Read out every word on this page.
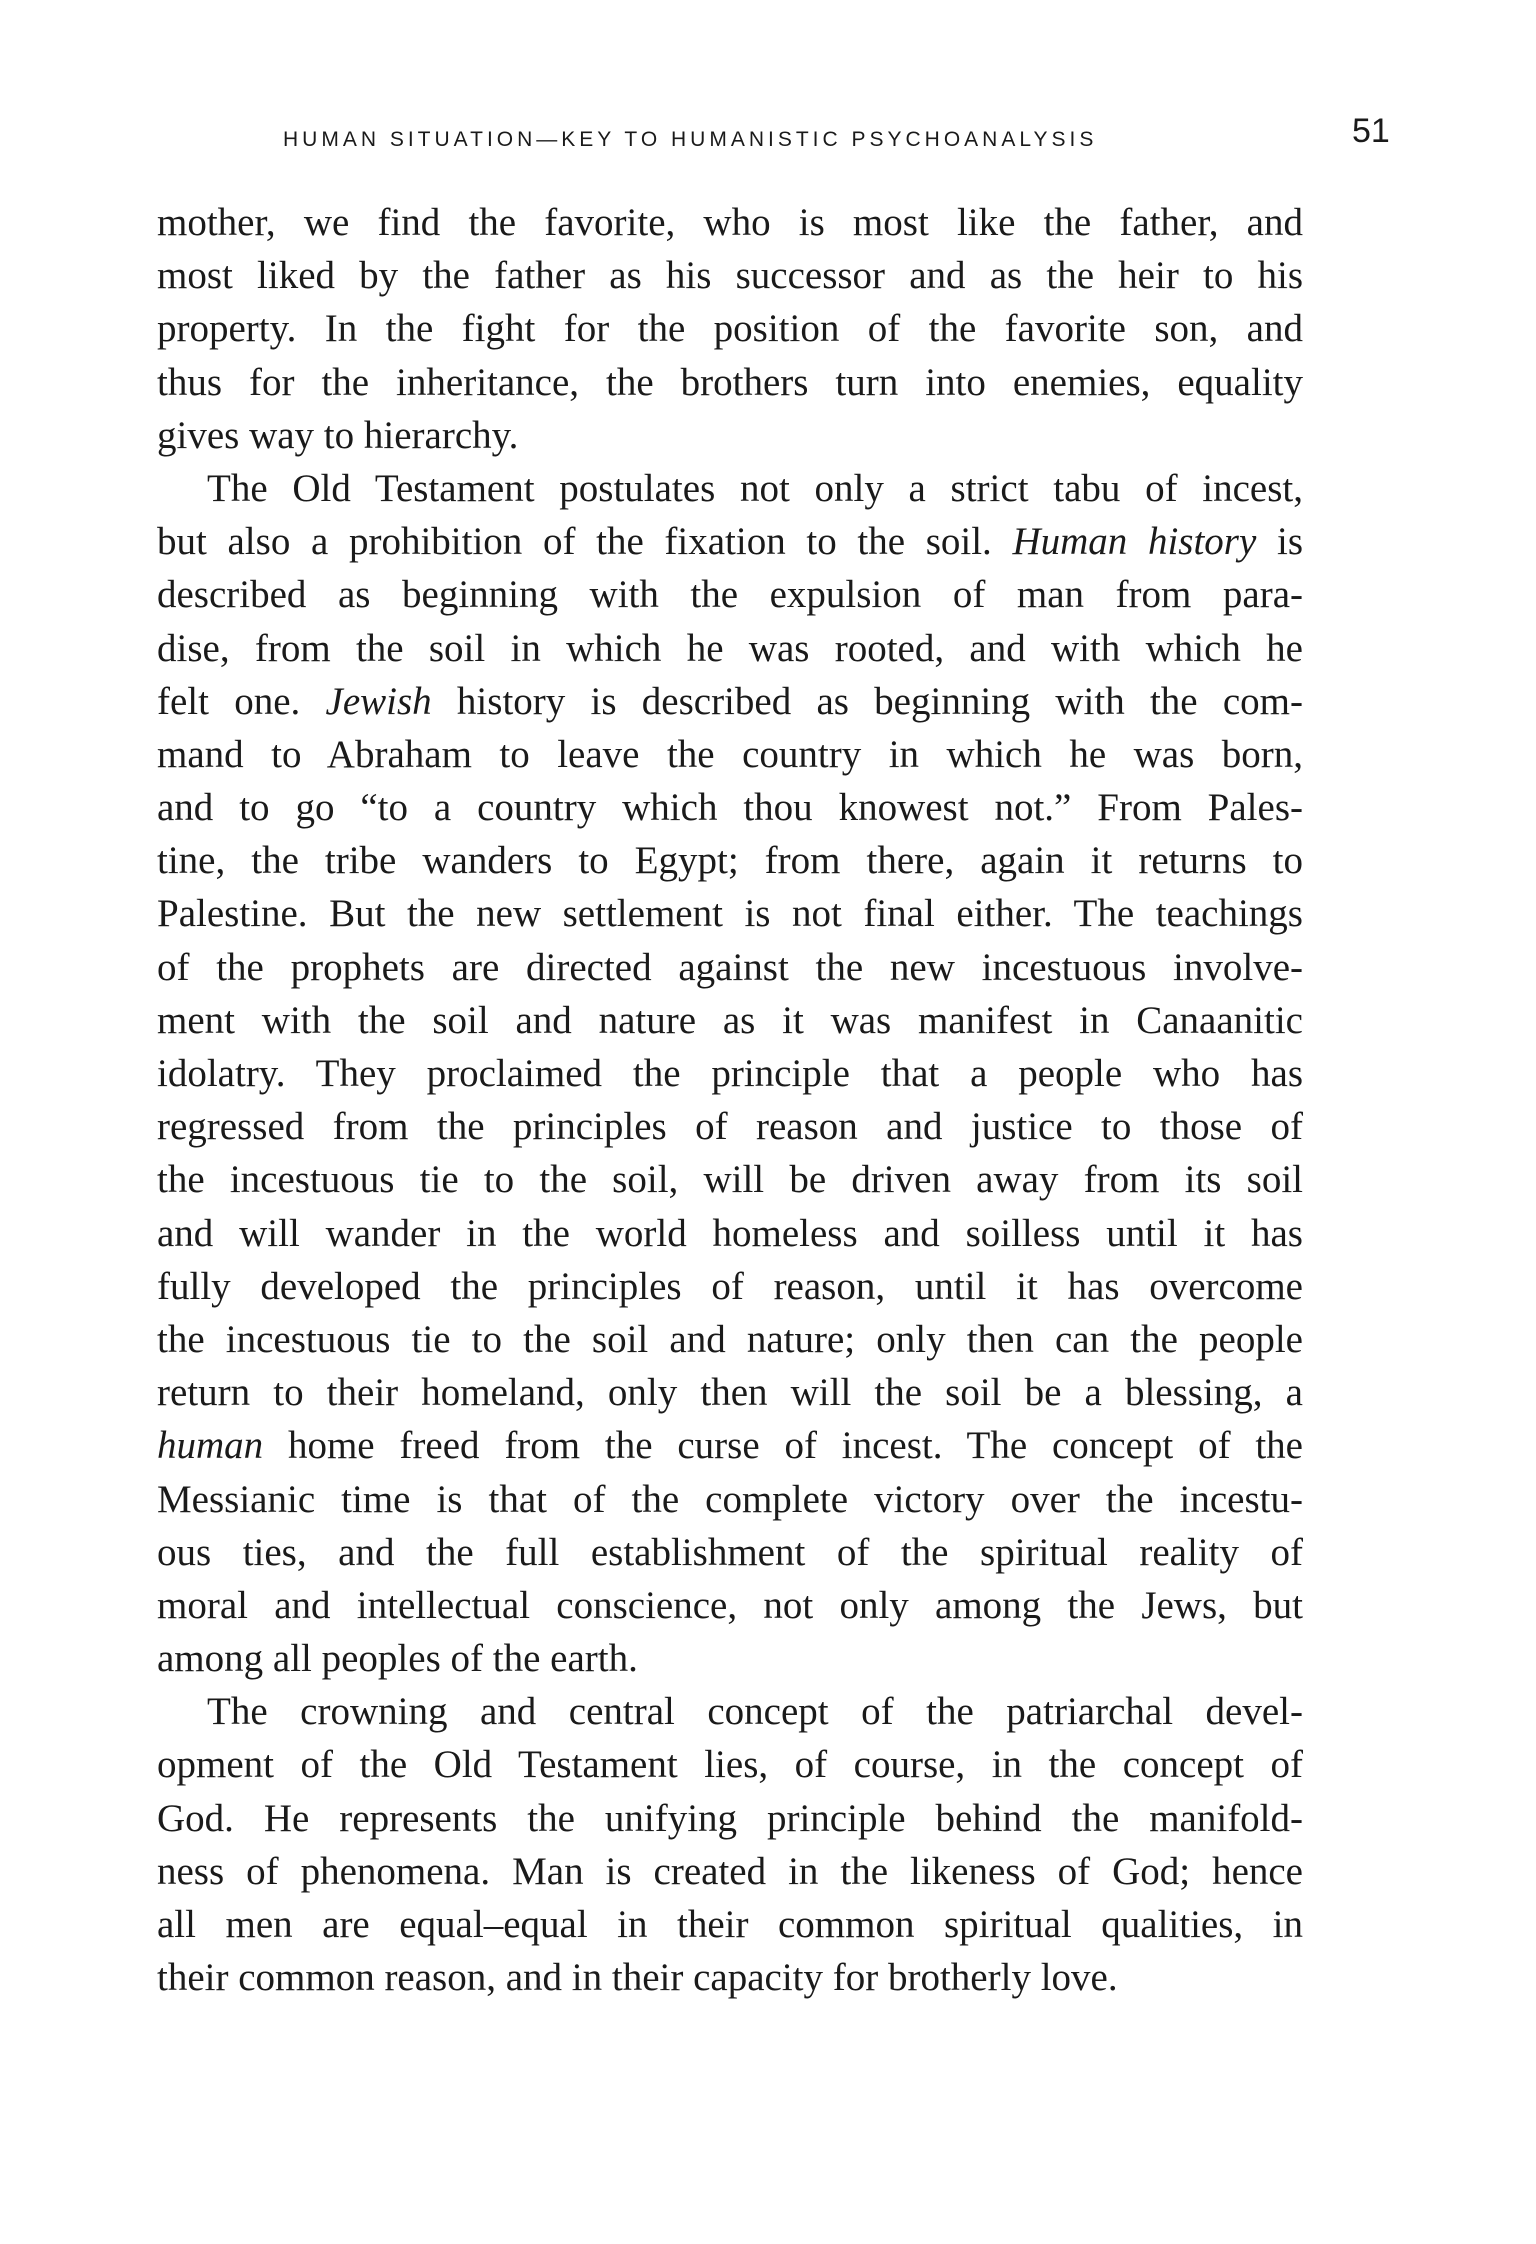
HUMAN SITUATION—KEY TO HUMANISTIC PSYCHOANALYSIS	51
mother, we find the favorite, who is most like the father, and
most liked by the father as his successor and as the heir to his
property. In the fight for the position of the favorite son, and
thus for the inheritance, the brothers turn into enemies, equality
gives way to hierarchy.
The Old Testament postulates not only a strict tabu of incest,
but also a prohibition of the fixation to the soil. Human history is
described as beginning with the expulsion of man from para-
dise, from the soil in which he was rooted, and with which he
felt one. Jewish history is described as beginning with the com-
mand to Abraham to leave the country in which he was born,
and to go “to a country which thou knowest not.” From Pales-
tine, the tribe wanders to Egypt; from there, again it returns to
Palestine. But the new settlement is not final either. The teachings
of the prophets are directed against the new incestuous involve-
ment with the soil and nature as it was manifest in Canaanitic
idolatry. They proclaimed the principle that a people who has
regressed from the principles of reason and justice to those of
the incestuous tie to the soil, will be driven away from its soil
and will wander in the world homeless and soilless until it has
fully developed the principles of reason, until it has overcome
the incestuous tie to the soil and nature; only then can the people
return to their homeland, only then will the soil be a blessing, a
human home freed from the curse of incest. The concept of the
Messianic time is that of the complete victory over the incestu-
ous ties, and the full establishment of the spiritual reality of
moral and intellectual conscience, not only among the Jews, but
among all peoples of the earth.
The crowning and central concept of the patriarchal devel-
opment of the Old Testament lies, of course, in the concept of
God. He represents the unifying principle behind the manifold-
ness of phenomena. Man is created in the likeness of God; hence
all men are equal–equal in their common spiritual qualities, in
their common reason, and in their capacity for brotherly love.
